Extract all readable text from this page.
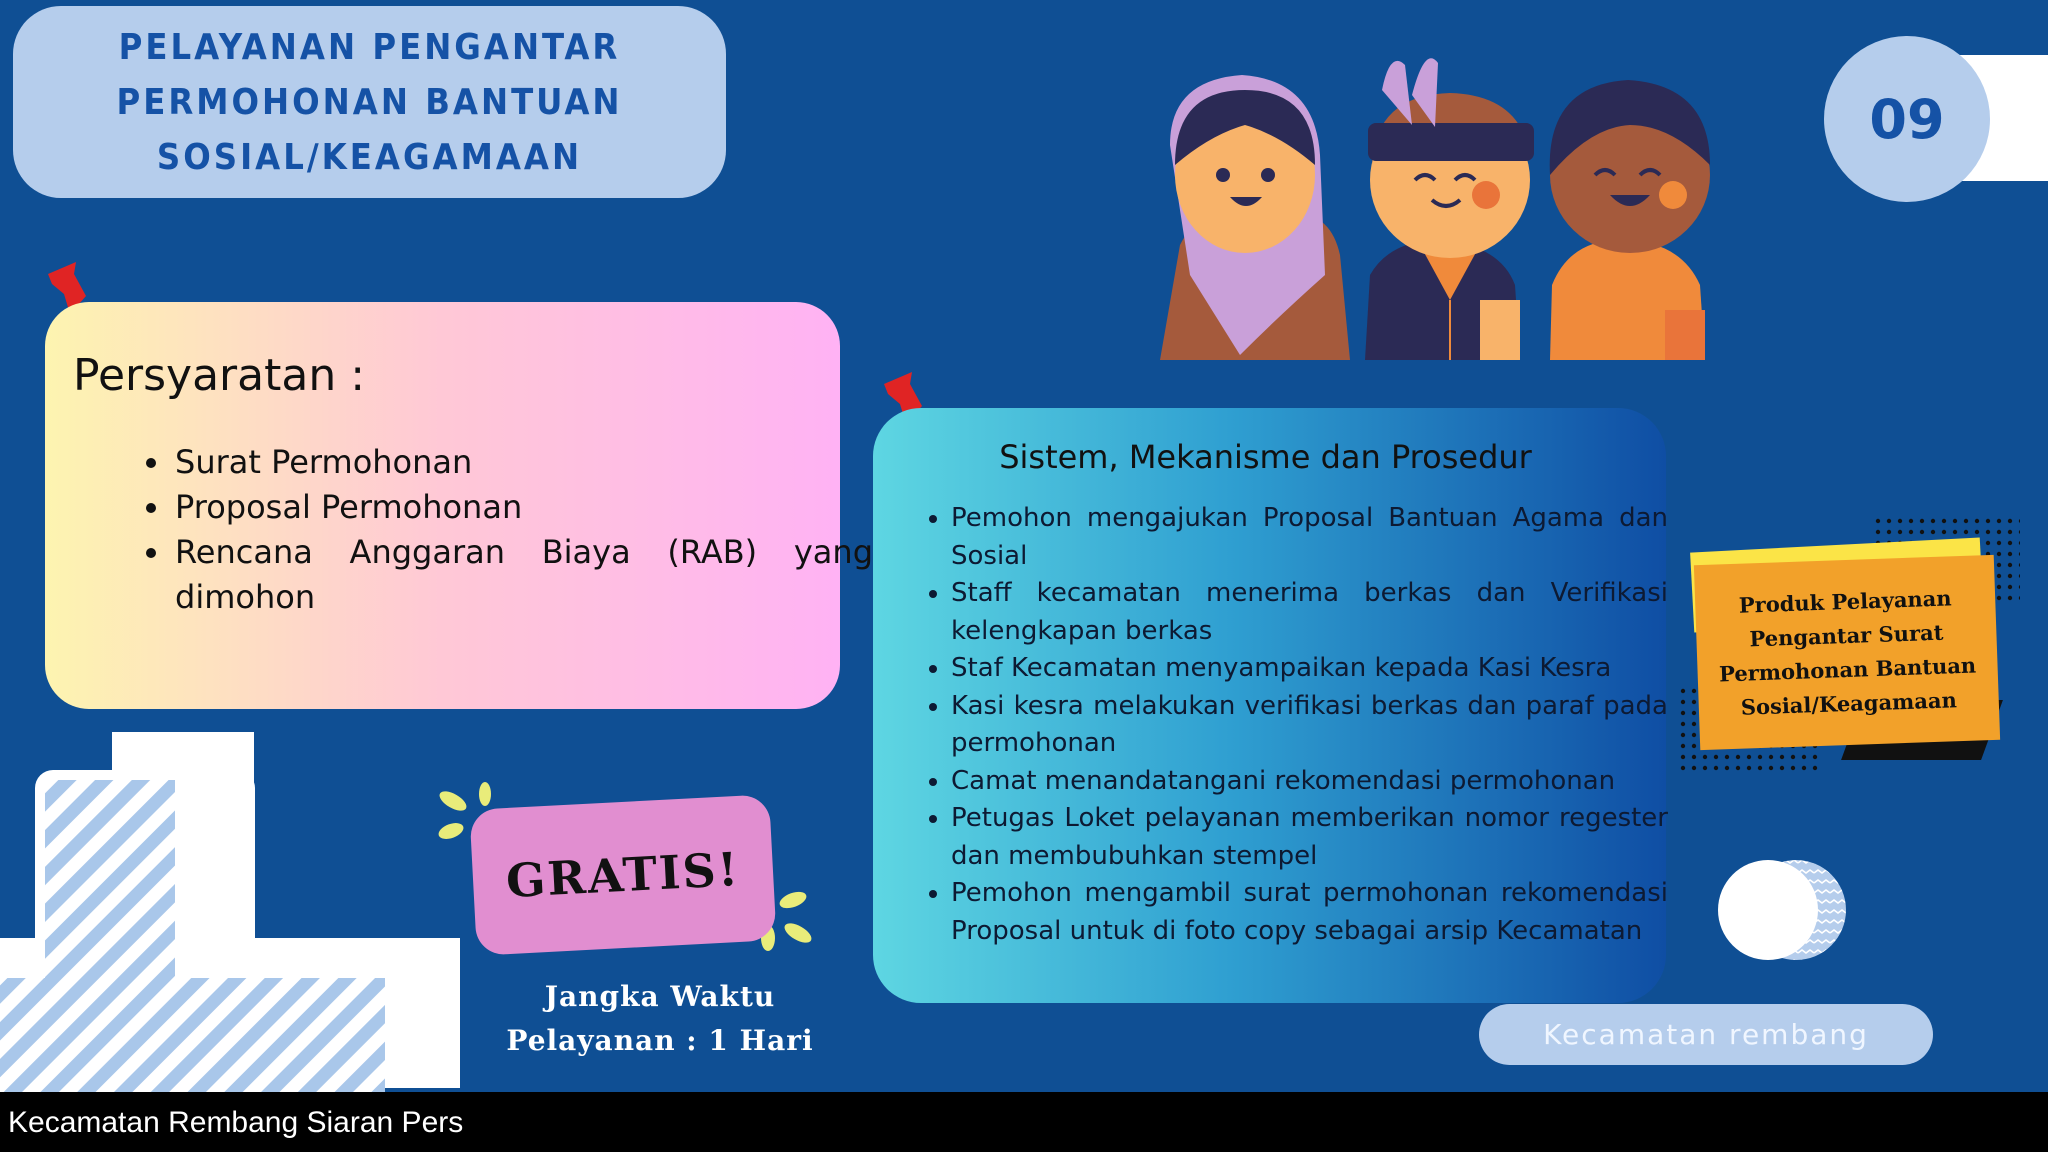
PELAYANAN PENGANTAR
PERMOHONAN BANTUAN
SOSIAL/KEAGAMAAN
09
Persyaratan :
• Surat Permohonan
• Proposal Permohonan
• Rencana Anggaran Biaya (RAB) yang dimohon
Sistem, Mekanisme dan Prosedur
• Pemohon mengajukan Proposal Bantuan Agama dan Sosial
• Staff kecamatan menerima berkas dan Verifikasi kelengkapan berkas
• Staf Kecamatan menyampaikan kepada Kasi Kesra
• Kasi kesra melakukan verifikasi berkas dan paraf pada permohonan
• Camat menandatangani rekomendasi permohonan
• Petugas Loket pelayanan memberikan nomor regester dan membubuhkan stempel
• Pemohon mengambil surat permohonan rekomendasi Proposal untuk di foto copy sebagai arsip Kecamatan
GRATIS!
Jangka Waktu
Pelayanan : 1 Hari
Produk Pelayanan
Pengantar Surat
Permohonan Bantuan
Sosial/Keagamaan
Kecamatan rembang
Kecamatan Rembang Siaran Pers
